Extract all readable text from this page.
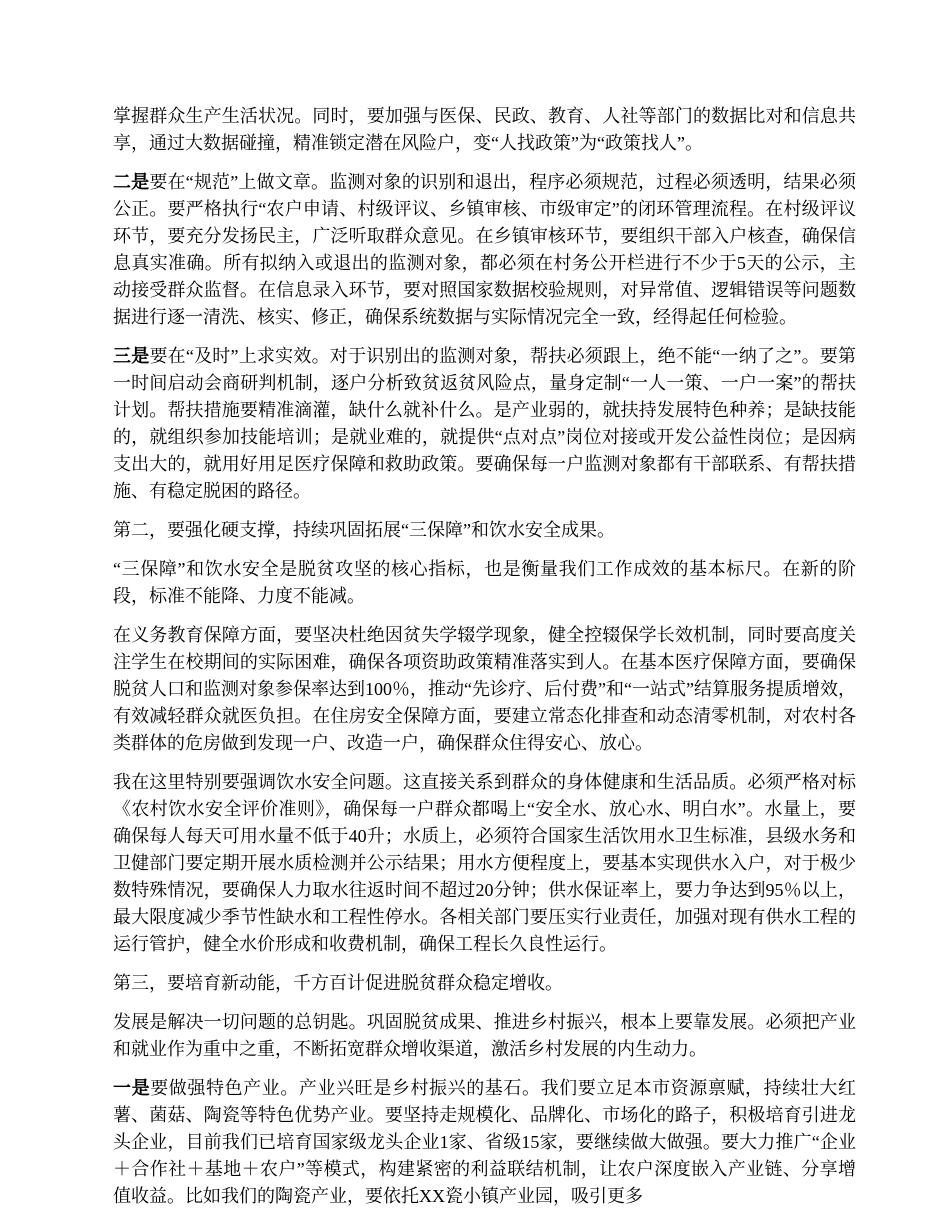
掌握群众生产生活状况。同时，要加强与医保、民政、教育、人社等部门的数据比对和信息共享，通过大数据碰撞，精准锁定潜在风险户，变“人找政策”为“政策找人”。

二是要在“规范”上做文章。监测对象的识别和退出，程序必须规范，过程必须透明，结果必须公正。要严格执行“农户申请、村级评议、乡镇审核、市级审定”的闭环管理流程。在村级评议环节，要充分发扬民主，广泛听取群众意见。在乡镇审核环节，要组织干部入户核查，确保信息真实准确。所有拟纳入或退出的监测对象，都必须在村务公开栏进行不少于5天的公示，主动接受群众监督。在信息录入环节，要对照国家数据校验规则，对异常值、逻辑错误等问题数据进行逐一清洗、核实、修正，确保系统数据与实际情况完全一致，经得起任何检验。

三是要在“及时”上求实效。对于识别出的监测对象，帮扶必须跟上，绝不能“一纳了之”。要第一时间启动会商研判机制，逐户分析致贫返贫风险点，量身定制“一人一策、一户一案”的帮扶计划。帮扶措施要精准滴灌，缺什么就补什么。是产业弱的，就扶持发展特色种养；是缺技能的，就组织参加技能培训；是就业难的，就提供“点对点”岗位对接或开发公益性岗位；是因病支出大的，就用好用足医疗保障和救助政策。要确保每一户监测对象都有干部联系、有帮扶措施、有稳定脱困的路径。

第二，要强化硬支撑，持续巩固拓展“三保障”和饮水安全成果。

“三保障”和饮水安全是脱贫攻坚的核心指标，也是衡量我们工作成效的基本标尺。在新的阶段，标准不能降、力度不能减。

在义务教育保障方面，要坚决杜绝因贫失学辍学现象，健全控辍保学长效机制，同时要高度关注学生在校期间的实际困难，确保各项资助政策精准落实到人。在基本医疗保障方面，要确保脱贫人口和监测对象参保率达到100％，推动“先诊疗、后付费”和“一站式”结算服务提质增效，有效减轻群众就医负担。在住房安全保障方面，要建立常态化排查和动态清零机制，对农村各类群体的危房做到发现一户、改造一户，确保群众住得安心、放心。

我在这里特别要强调饮水安全问题。这直接关系到群众的身体健康和生活品质。必须严格对标《农村饮水安全评价准则》，确保每一户群众都喝上“安全水、放心水、明白水”。水量上，要确保每人每天可用水量不低于40升；水质上，必须符合国家生活饮用水卫生标准，县级水务和卫健部门要定期开展水质检测并公示结果；用水方便程度上，要基本实现供水入户，对于极少数特殊情况，要确保人力取水往返时间不超过20分钟；供水保证率上，要力争达到95％以上，最大限度减少季节性缺水和工程性停水。各相关部门要压实行业责任，加强对现有供水工程的运行管护，健全水价形成和收费机制，确保工程长久良性运行。

第三，要培育新动能，千方百计促进脱贫群众稳定增收。

发展是解决一切问题的总钥匙。巩固脱贫成果、推进乡村振兴，根本上要靠发展。必须把产业和就业作为重中之重，不断拓宽群众增收渠道，激活乡村发展的内生动力。

一是要做强特色产业。产业兴旺是乡村振兴的基石。我们要立足本市资源禀赋，持续壮大红薯、菌菇、陶瓷等特色优势产业。要坚持走规模化、品牌化、市场化的路子，积极培育引进龙头企业，目前我们已培育国家级龙头企业1家、省级15家，要继续做大做强。要大力推广“企业＋合作社＋基地＋农户”等模式，构建紧密的利益联结机制，让农户深度嵌入产业链、分享增值收益。比如我们的陶瓷产业，要依托XX瓷小镇产业园，吸引更多
